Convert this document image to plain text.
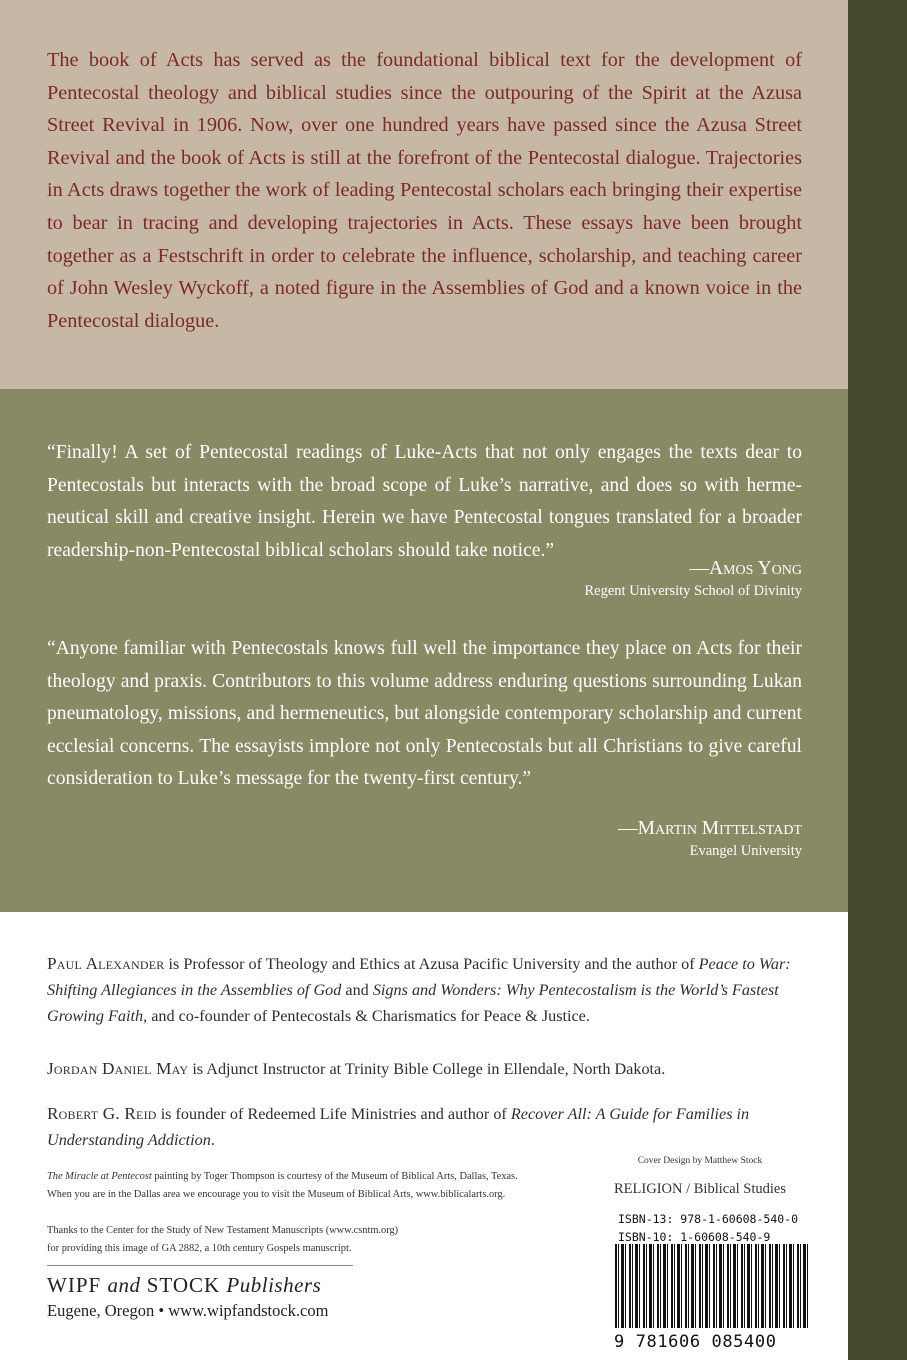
The book of Acts has served as the foundational biblical text for the development of Pentecostal theology and biblical studies since the outpouring of the Spirit at the Azusa Street Revival in 1906. Now, over one hundred years have passed since the Azusa Street Revival and the book of Acts is still at the forefront of the Pentecostal dialogue. Trajectories in Acts draws together the work of leading Pentecostal scholars each bringing their expertise to bear in tracing and developing trajectories in Acts. These essays have been brought together as a Festschrift in order to celebrate the influence, scholarship, and teaching career of John Wesley Wyckoff, a noted figure in the Assemblies of God and a known voice in the Pentecostal dialogue.

“Finally! A set of Pentecostal readings of Luke-Acts that not only engages the texts dear to Pentecostals but interacts with the broad scope of Luke’s narrative, and does so with hermeneutical skill and creative insight. Herein we have Pentecostal tongues translated for a broader readership-non-Pentecostal biblical scholars should take notice.”

—Amos Yong
Regent University School of Divinity

“Anyone familiar with Pentecostals knows full well the importance they place on Acts for their theology and praxis. Contributors to this volume address enduring questions surrounding Lukan pneumatology, missions, and hermeneutics, but alongside contemporary scholarship and current ecclesial concerns. The essayists implore not only Pentecostals but all Christians to give careful consideration to Luke’s message for the twenty-first century.”

—Martin Mittelstadt
Evangel University

Paul Alexander is Professor of Theology and Ethics at Azusa Pacific University and the author of Peace to War: Shifting Allegiances in the Assemblies of God and Signs and Wonders: Why Pentecostalism is the World’s Fastest Growing Faith, and co-founder of Pentecostals & Charismatics for Peace & Justice.

Jordan Daniel May is Adjunct Instructor at Trinity Bible College in Ellendale, North Dakota.

Robert G. Reid is founder of Redeemed Life Ministries and author of Recover All: A Guide for Families in Understanding Addiction.

The Miracle at Pentecost painting by Toger Thompson is courtesy of the Museum of Biblical Arts, Dallas, Texas.
When you are in the Dallas area we encourage you to visit the Museum of Biblical Arts, www.biblicalarts.org.

Thanks to the Center for the Study of New Testament Manuscripts (www.csntm.org)
for providing this image of GA 2882, a 10th century Gospels manuscript.

WIPF and STOCK Publishers
Eugene, Oregon • www.wipfandstock.com
Cover Design by Matthew Stock
RELIGION / Biblical Studies
ISBN-13: 978-1-60608-540-0
ISBN-10: 1-60608-540-9
9 781606 085400
